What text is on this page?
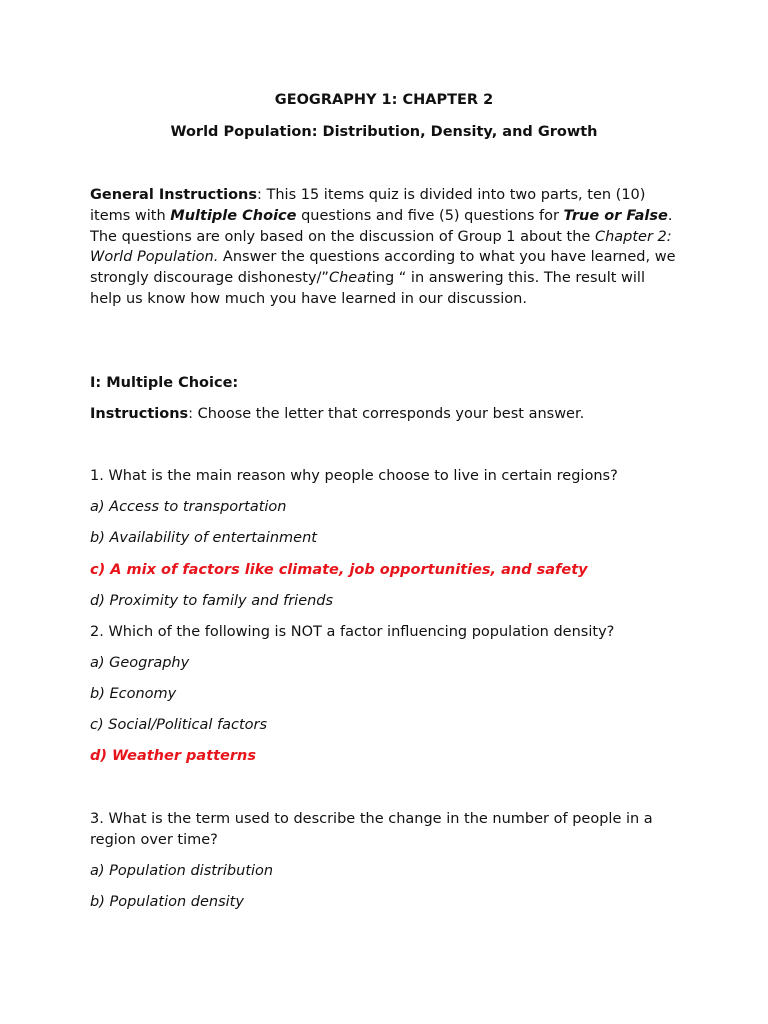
GEOGRAPHY 1: CHAPTER 2

World Population: Distribution, Density, and Growth

General Instructions: This 15 items quiz is divided into two parts, ten (10) items with Multiple Choice questions and five (5) questions for True or False. The questions are only based on the discussion of Group 1 about the Chapter 2: World Population. Answer the questions according to what you have learned, we strongly discourage dishonesty/”Cheating “ in answering this. The result will help us know how much you have learned in our discussion.

I: Multiple Choice:

Instructions: Choose the letter that corresponds your best answer.

1. What is the main reason why people choose to live in certain regions?

a) Access to transportation

b) Availability of entertainment

c) A mix of factors like climate, job opportunities, and safety

d) Proximity to family and friends

2. Which of the following is NOT a factor influencing population density?

a) Geography

b) Economy

c) Social/Political factors

d) Weather patterns

3. What is the term used to describe the change in the number of people in a region over time?

a) Population distribution

b) Population density
